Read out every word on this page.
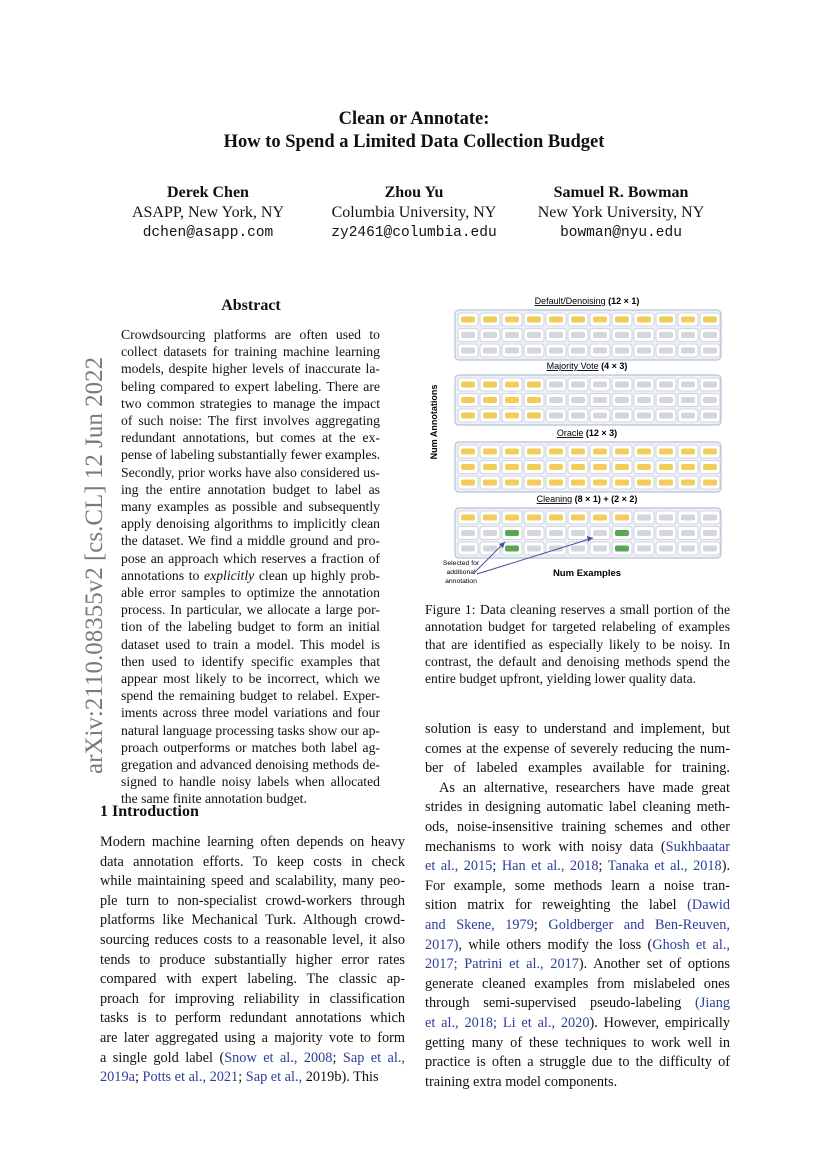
Clean or Annotate:
How to Spend a Limited Data Collection Budget
Derek Chen
ASAPP, New York, NY
dchen@asapp.com
Zhou Yu
Columbia University, NY
zy2461@columbia.edu
Samuel R. Bowman
New York University, NY
bowman@nyu.edu
arXiv:2110.08355v2 [cs.CL] 12 Jun 2022
Abstract
Crowdsourcing platforms are often used to
collect datasets for training machine learning
models, despite higher levels of inaccurate la-
beling compared to expert labeling. There are
two common strategies to manage the impact
of such noise: The first involves aggregating
redundant annotations, but comes at the ex-
pense of labeling substantially fewer examples.
Secondly, prior works have also considered us-
ing the entire annotation budget to label as
many examples as possible and subsequently
apply denoising algorithms to implicitly clean
the dataset. We find a middle ground and pro-
pose an approach which reserves a fraction of
annotations to explicitly clean up highly prob-
able error samples to optimize the annotation
process. In particular, we allocate a large por-
tion of the labeling budget to form an initial
dataset used to train a model. This model is
then used to identify specific examples that
appear most likely to be incorrect, which we
spend the remaining budget to relabel. Exper-
iments across three model variations and four
natural language processing tasks show our ap-
proach outperforms or matches both label ag-
gregation and advanced denoising methods de-
signed to handle noisy labels when allocated
the same finite annotation budget.
1 Introduction
Modern machine learning often depends on heavy
data annotation efforts. To keep costs in check
while maintaining speed and scalability, many peo-
ple turn to non-specialist crowd-workers through
platforms like Mechanical Turk. Although crowd-
sourcing reduces costs to a reasonable level, it also
tends to produce substantially higher error rates
compared with expert labeling. The classic ap-
proach for improving reliability in classification
tasks is to perform redundant annotations which
are later aggregated using a majority vote to form
a single gold label (Snow et al., 2008; Sap et al.,
2019a; Potts et al., 2021; Sap et al., 2019b). This
solution is easy to understand and implement, but
comes at the expense of severely reducing the num-
ber of labeled examples available for training.
As an alternative, researchers have made great
strides in designing automatic label cleaning meth-
ods, noise-insensitive training schemes and other
mechanisms to work with noisy data (Sukhbaatar
et al., 2015; Han et al., 2018; Tanaka et al., 2018).
For example, some methods learn a noise tran-
sition matrix for reweighting the label (Dawid
and Skene, 1979; Goldberger and Ben-Reuven,
2017), while others modify the loss (Ghosh et al.,
2017; Patrini et al., 2017). Another set of options
generate cleaned examples from mislabeled ones
through semi-supervised pseudo-labeling (Jiang
et al., 2018; Li et al., 2020). However, empirically
getting many of these techniques to work well in
practice is often a struggle due to the difficulty of
training extra model components.
Num Annotations
Default/Denoising (12 × 1)
Majority Vote (4 × 3)
Oracle (12 × 3)
Cleaning (8 × 1) + (2 × 2)
Num Examples
Selected for
additional
annotation
Figure 1: Data cleaning reserves a small portion of the
annotation budget for targeted relabeling of examples
that are identified as especially likely to be noisy. In
contrast, the default and denoising methods spend the
entire budget upfront, yielding lower quality data.
